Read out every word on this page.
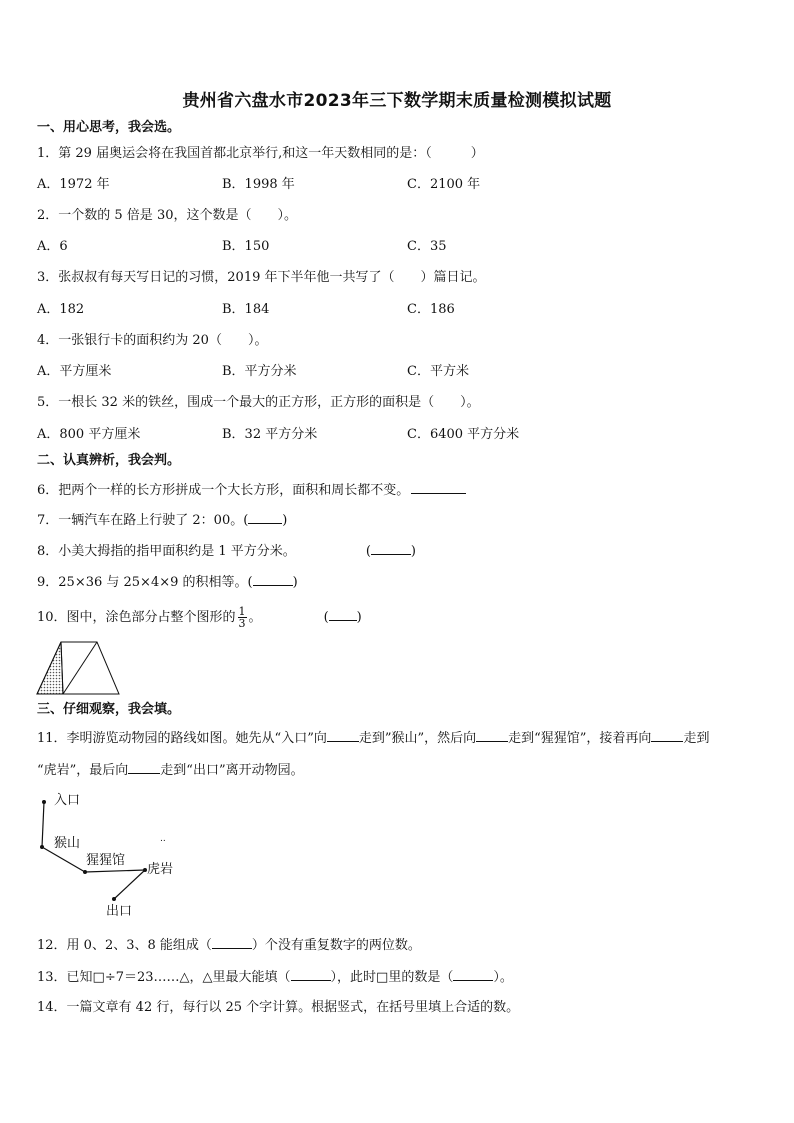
贵州省六盘水市2023年三下数学期末质量检测模拟试题
一、用心思考，我会选。
1．第 29 届奥运会将在我国首都北京举行,和这一年天数相同的是：（　　　）
A．1972 年	B．1998 年	C．2100 年
2．一个数的 5 倍是 30，这个数是（　　）。
A．6	B．150	C．35
3．张叔叔有每天写日记的习惯，2019 年下半年他一共写了（　　）篇日记。
A．182	B．184	C．186
4．一张银行卡的面积约为 20（　　）。
A．平方厘米	B．平方分米	C．平方米
5．一根长 32 米的铁丝，围成一个最大的正方形，正方形的面积是（　　）。
A．800 平方厘米	B．32 平方分米	C．6400 平方分米
二、认真辨析，我会判。
6．把两个一样的长方形拼成一个大长方形，面积和周长都不变。
7．一辆汽车在路上行驶了 2：00。(	)
8．小美大拇指的指甲面积约是 1 平方分米。	(	)
9．25×36 与 25×4×9 的积相等。(	)
10．图中，涂色部分占整个图形的 $\frac{1}{3}$ 。	( )
三、仔细观察，我会填。
11．李明游览动物园的路线如图。她先从“入口”向 走到”猴山”，然后向 走到“猩猩馆”，接着再向 走到
“虎岩”，最后向 走到“出口”离开动物园。
入口
猴山	..
猩猩馆
虎岩
出口
12．用 0、2、3、8 能组成（	）个没有重复数字的两位数。
13．已知□÷7＝23……△，△里最大能填（	），此时□里的数是（	）。
14．一篇文章有 42 行，每行以 25 个字计算。根据竖式，在括号里填上合适的数。
